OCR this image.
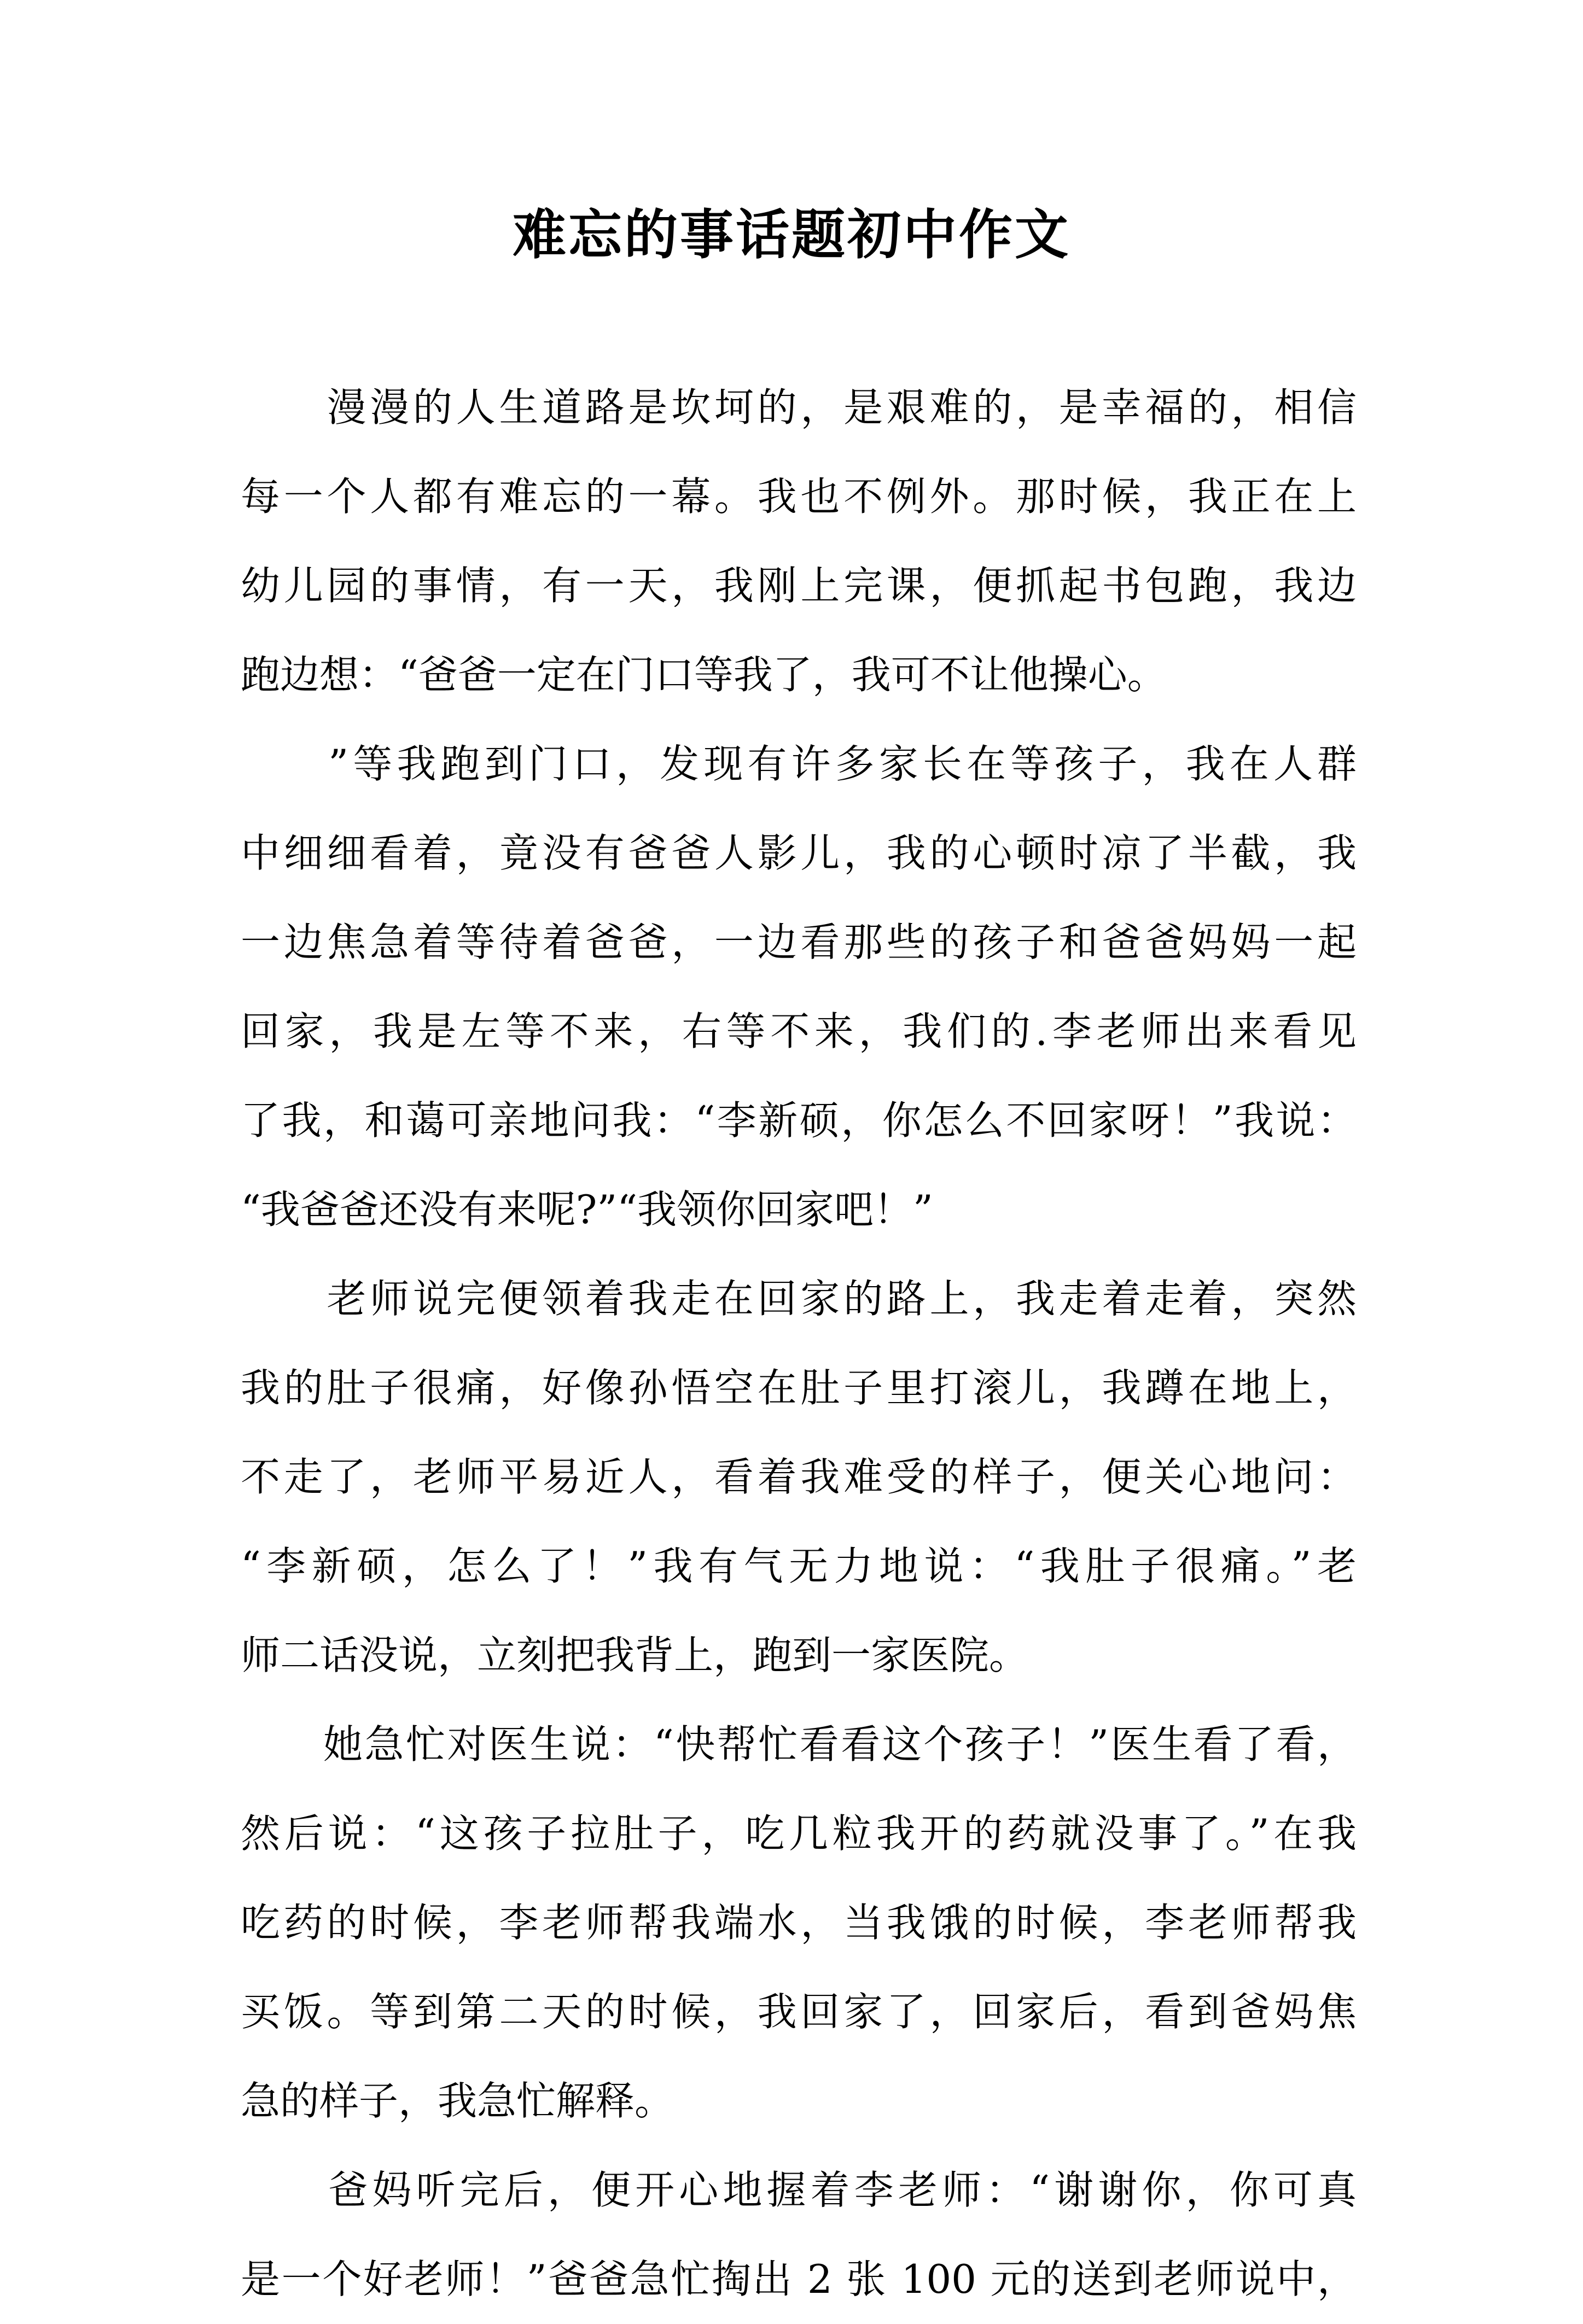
难忘的事话题初中作文
　　漫漫的人生道路是坎坷的，是艰难的，是幸福的，相信
每一个人都有难忘的一幕。我也不例外。那时候，我正在上
幼儿园的事情，有一天，我刚上完课，便抓起书包跑，我边
跑边想：“爸爸一定在门口等我了，我可不让他操心。
　　”等我跑到门口，发现有许多家长在等孩子，我在人群
中细细看着，竟没有爸爸人影儿，我的心顿时凉了半截，我
一边焦急着等待着爸爸，一边看那些的孩子和爸爸妈妈一起
回家，我是左等不来，右等不来，我们的.李老师出来看见
了我，和蔼可亲地问我：“李新硕，你怎么不回家呀！”我说：
“我爸爸还没有来呢?”“我领你回家吧！”
　　老师说完便领着我走在回家的路上，我走着走着，突然
我的肚子很痛，好像孙悟空在肚子里打滚儿，我蹲在地上，
不走了，老师平易近人，看着我难受的样子，便关心地问：
“李新硕，怎么了！”我有气无力地说：“我肚子很痛。”老
师二话没说，立刻把我背上，跑到一家医院。
　　她急忙对医生说：“快帮忙看看这个孩子！”医生看了看，
然后说：“这孩子拉肚子，吃几粒我开的药就没事了。”在我
吃药的时候，李老师帮我端水，当我饿的时候，李老师帮我
买饭。等到第二天的时候，我回家了，回家后，看到爸妈焦
急的样子，我急忙解释。
　　爸妈听完后，便开心地握着李老师：“谢谢你，你可真
是一个好老师！”爸爸急忙掏出 2 张 100 元的送到老师说中，
